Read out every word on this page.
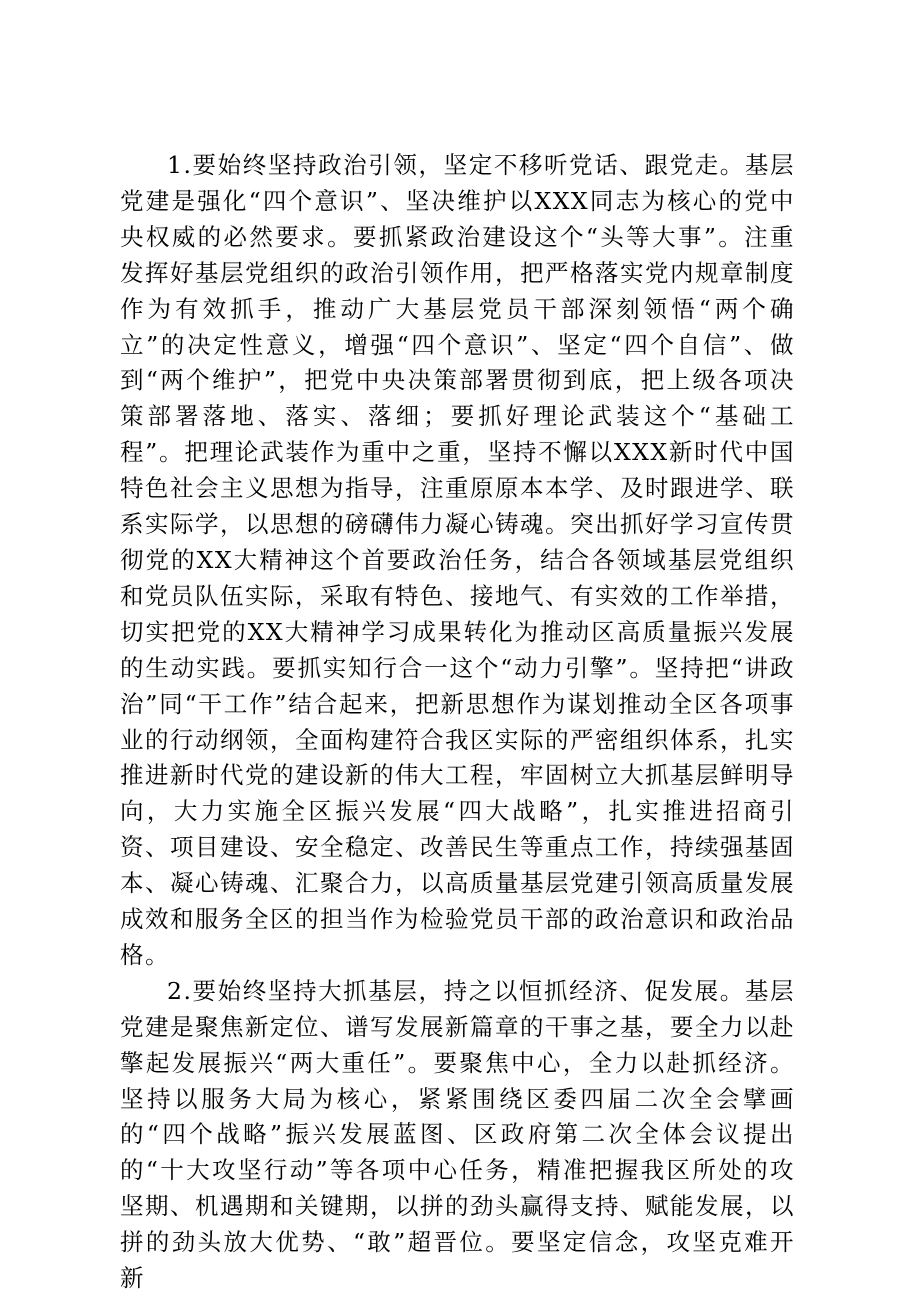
1.要始终坚持政治引领，坚定不移听党话、跟党走。基层党建是强化“四个意识”、坚决维护以XXX同志为核心的党中央权威的必然要求。要抓紧政治建设这个“头等大事”。注重发挥好基层党组织的政治引领作用，把严格落实党内规章制度作为有效抓手，推动广大基层党员干部深刻领悟“两个确立”的决定性意义，增强“四个意识”、坚定“四个自信”、做到“两个维护”，把党中央决策部署贯彻到底，把上级各项决策部署落地、落实、落细；要抓好理论武装这个“基础工程”。把理论武装作为重中之重，坚持不懈以XXX新时代中国特色社会主义思想为指导，注重原原本本学、及时跟进学、联系实际学，以思想的磅礴伟力凝心铸魂。突出抓好学习宣传贯彻党的XX大精神这个首要政治任务，结合各领域基层党组织和党员队伍实际，采取有特色、接地气、有实效的工作举措，切实把党的XX大精神学习成果转化为推动区高质量振兴发展的生动实践。要抓实知行合一这个“动力引擎”。坚持把“讲政治”同“干工作”结合起来，把新思想作为谋划推动全区各项事业的行动纲领，全面构建符合我区实际的严密组织体系，扎实推进新时代党的建设新的伟大工程，牢固树立大抓基层鲜明导向，大力实施全区振兴发展“四大战略”，扎实推进招商引资、项目建设、安全稳定、改善民生等重点工作，持续强基固本、凝心铸魂、汇聚合力，以高质量基层党建引领高质量发展成效和服务全区的担当作为检验党员干部的政治意识和政治品格。

2.要始终坚持大抓基层，持之以恒抓经济、促发展。基层党建是聚焦新定位、谱写发展新篇章的干事之基，要全力以赴擎起发展振兴“两大重任”。要聚焦中心，全力以赴抓经济。坚持以服务大局为核心，紧紧围绕区委四届二次全会擘画的“四个战略”振兴发展蓝图、区政府第二次全体会议提出的“十大攻坚行动”等各项中心任务，精准把握我区所处的攻坚期、机遇期和关键期，以拼的劲头赢得支持、赋能发展，以拼的劲头放大优势、“敢”超晋位。要坚定信念，攻坚克难开新
